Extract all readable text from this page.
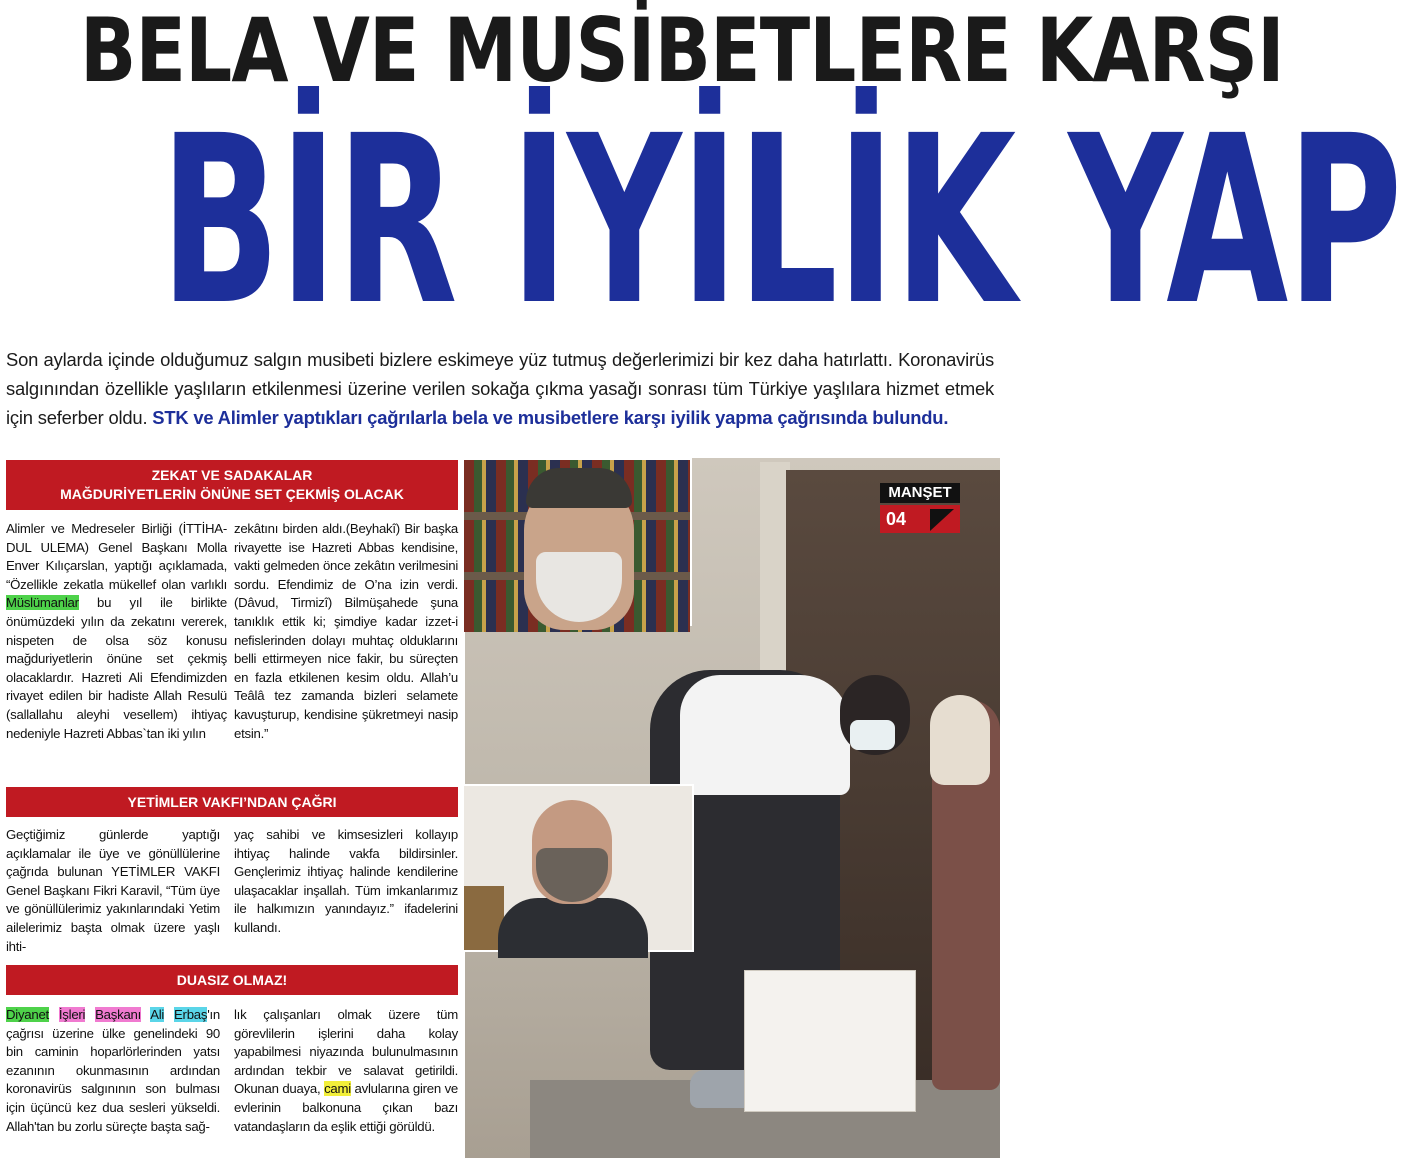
BELA VE MUSİBETLERE KARŞI
BİR İYİLİK YAP
Son aylarda içinde olduğumuz salgın musibeti bizlere eskimeye yüz tutmuş değerlerimizi bir kez daha hatırlattı. Koronavirüs salgınından özellikle yaşlıların etkilenmesi üzerine verilen sokağa çıkma yasağı sonrası tüm Türkiye yaşlılara hizmet etmek için seferber oldu. STK ve Alimler yaptıkları çağrılarla bela ve musibetlere karşı iyilik yapma çağrısında bulundu.
MANŞET
04
ZEKAT VE SADAKALAR
MAĞDURİYETLERİN ÖNÜNE SET ÇEKMİŞ OLACAK
Alimler ve Medreseler Birliği (İTTİHA-DUL ULEMA) Genel Başkanı Molla Enver Kılıçarslan, yaptığı açıklamada, “Özellikle zekatla mükellef olan varlıklı Müslümanlar bu yıl ile birlikte önümüzdeki yılın da zekatını vererek, nispeten de olsa söz konusu mağduriyetlerin önüne set çekmiş olacaklardır. Hazreti Ali Efendimizden rivayet edilen bir hadiste Allah Resulü (sallallahu aleyhi vesellem) ihtiyaç nedeniyle Hazreti Abbas`tan iki yılın
zekâtını birden aldı.(Beyhakî) Bir başka rivayette ise Hazreti Abbas kendisine, vakti gelmeden önce zekâtın verilmesini sordu. Efendimiz de O’na izin verdi.(Dâvud, Tirmizî) Bilmüşahede şuna tanıklık ettik ki; şimdiye kadar izzet-i nefislerinden dolayı muhtaç olduklarını belli ettirmeyen nice fakir, bu süreçten en fazla etkilenen kesim oldu. Allah’u Teâlâ tez zamanda bizleri selamete kavuşturup, kendisine şükretmeyi nasip etsin.”
YETİMLER VAKFI’NDAN ÇAĞRI
Geçtiğimiz günlerde yaptığı açıklamalar ile üye ve gönüllülerine çağrıda bulunan YETİMLER VAKFI Genel Başkanı Fikri Karavil, “Tüm üye ve gönüllülerimiz yakınlarındaki Yetim ailelerimiz başta olmak üzere yaşlı ihti-
yaç sahibi ve kimsesizleri kollayıp ihtiyaç halinde vakfa bildirsinler. Gençlerimiz ihtiyaç halinde kendilerine ulaşacaklar inşallah. Tüm imkanlarımız ile halkımızın yanındayız.” ifadelerini kullandı.
DUASIZ OLMAZ!
Diyanet İşleri Başkanı Ali Erbaş'ın çağrısı üzerine ülke genelindeki 90 bin caminin hoparlörlerinden yatsı ezanının okunmasının ardından koronavirüs salgınının son bulması için üçüncü kez dua sesleri yükseldi. Allah'tan bu zorlu süreçte başta sağ-
lık çalışanları olmak üzere tüm görevlilerin işlerini daha kolay yapabilmesi niyazında bulunulmasının ardından tekbir ve salavat getirildi. Okunan duaya, cami avlularına giren ve evlerinin balkonuna çıkan bazı vatandaşların da eşlik ettiği görüldü.
